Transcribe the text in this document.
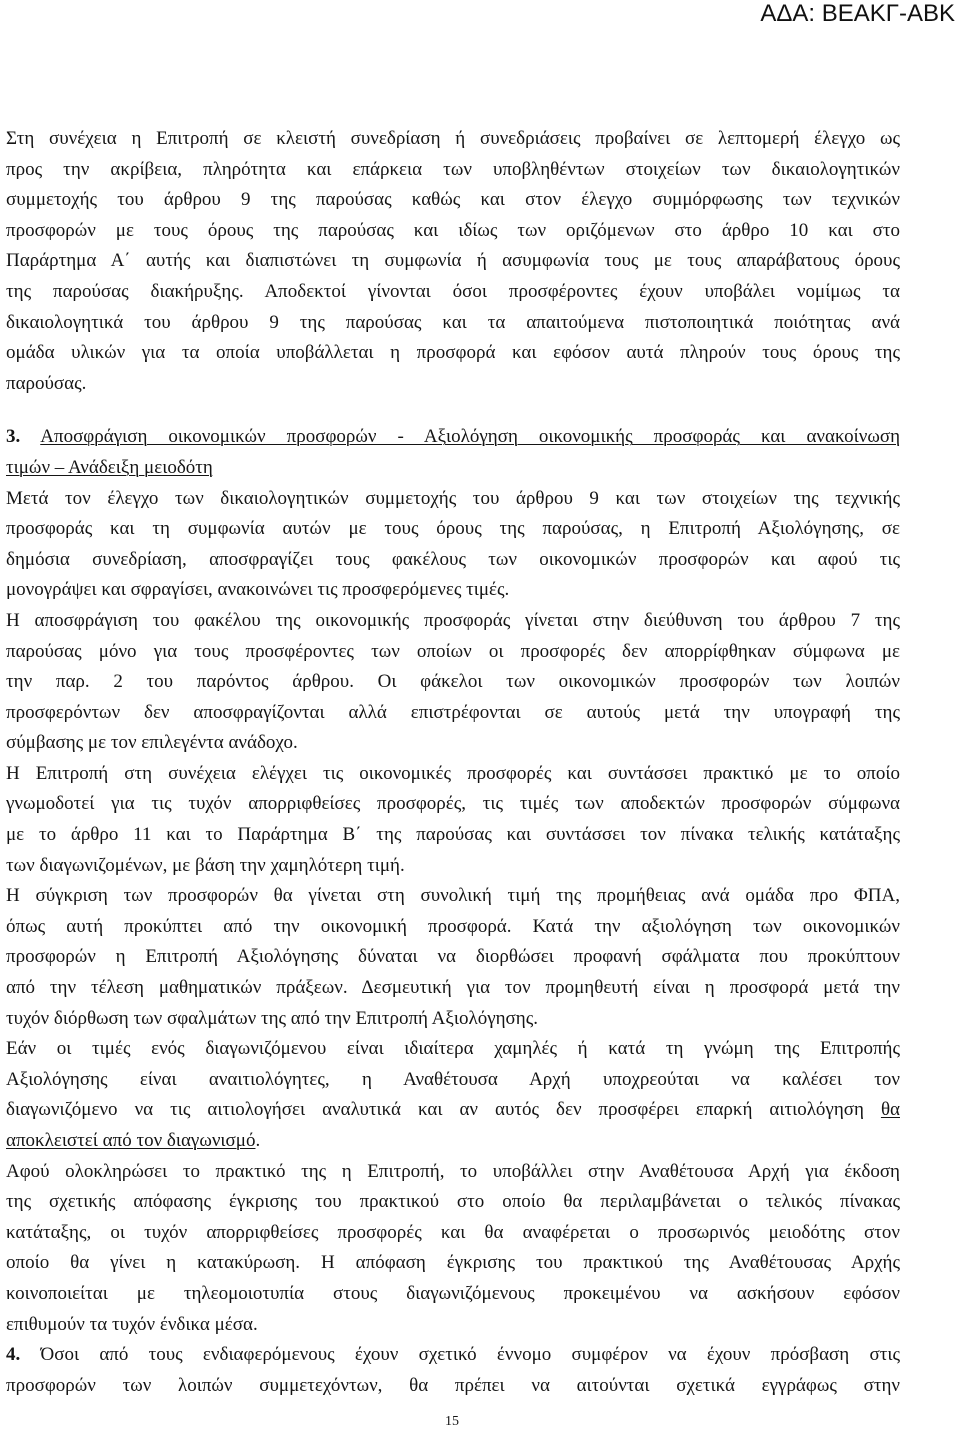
ΑΔΑ: ΒΕΑΚΓ-ΑΒΚ
Στη συνέχεια η Επιτροπή σε κλειστή συνεδρίαση ή συνεδριάσεις προβαίνει σε λεπτομερή έλεγχο ως
προς την ακρίβεια, πληρότητα και επάρκεια των υποβληθέντων στοιχείων των δικαιολογητικών
συμμετοχής του άρθρου 9 της παρούσας καθώς και στον έλεγχο συμμόρφωσης των τεχνικών
προσφορών με τους όρους της παρούσας και ιδίως των οριζόμενων στο άρθρο 10 και στο
Παράρτημα Α΄ αυτής και διαπιστώνει τη συμφωνία ή ασυμφωνία τους με τους απαράβατους όρους
της παρούσας διακήρυξης. Αποδεκτοί γίνονται όσοι προσφέροντες έχουν υποβάλει νομίμως τα
δικαιολογητικά του άρθρου 9 της παρούσας και τα απαιτούμενα πιστοποιητικά ποιότητας ανά
ομάδα υλικών για τα οποία υποβάλλεται η προσφορά και εφόσον αυτά πληρούν τους όρους της
παρούσας.
3. Αποσφράγιση οικονομικών προσφορών - Αξιολόγηση οικονομικής προσφοράς και ανακοίνωση
τιμών – Ανάδειξη μειοδότη
Μετά τον έλεγχο των δικαιολογητικών συμμετοχής του άρθρου 9 και των στοιχείων της τεχνικής
προσφοράς και τη συμφωνία αυτών με τους όρους της παρούσας, η Επιτροπή Αξιολόγησης, σε
δημόσια συνεδρίαση, αποσφραγίζει τους φακέλους των οικονομικών προσφορών και αφού τις
μονογράψει και σφραγίσει, ανακοινώνει τις προσφερόμενες τιμές.
Η αποσφράγιση του φακέλου της οικονομικής προσφοράς γίνεται στην διεύθυνση του άρθρου 7 της
παρούσας μόνο για τους προσφέροντες των οποίων οι προσφορές δεν απορρίφθηκαν σύμφωνα με
την παρ. 2 του παρόντος άρθρου. Οι φάκελοι των οικονομικών προσφορών των λοιπών
προσφερόντων δεν αποσφραγίζονται αλλά επιστρέφονται σε αυτούς μετά την υπογραφή της
σύμβασης με τον επιλεγέντα ανάδοχο.
Η Επιτροπή στη συνέχεια ελέγχει τις οικονομικές προσφορές και συντάσσει πρακτικό με το οποίο
γνωμοδοτεί για τις τυχόν απορριφθείσες προσφορές, τις τιμές των αποδεκτών προσφορών σύμφωνα
με το άρθρο 11 και το Παράρτημα Β΄ της παρούσας και συντάσσει τον πίνακα τελικής κατάταξης
των διαγωνιζομένων, με βάση την χαμηλότερη τιμή.
Η σύγκριση των προσφορών θα γίνεται στη συνολική τιμή της προμήθειας ανά ομάδα προ ΦΠΑ,
όπως αυτή προκύπτει από την οικονομική προσφορά. Κατά την αξιολόγηση των οικονομικών
προσφορών η Επιτροπή Αξιολόγησης δύναται να διορθώσει προφανή σφάλματα που προκύπτουν
από την τέλεση μαθηματικών πράξεων. Δεσμευτική για τον προμηθευτή είναι η προσφορά μετά την
τυχόν διόρθωση των σφαλμάτων της από την Επιτροπή Αξιολόγησης.
Εάν οι τιμές ενός διαγωνιζόμενου είναι ιδιαίτερα χαμηλές ή κατά τη γνώμη της Επιτροπής
Αξιολόγησης είναι αναιτιολόγητες, η Αναθέτουσα Αρχή υποχρεούται να καλέσει τον
διαγωνιζόμενο να τις αιτιολογήσει αναλυτικά και αν αυτός δεν προσφέρει επαρκή αιτιολόγηση θα
αποκλειστεί από τον διαγωνισμό.
Αφού ολοκληρώσει το πρακτικό της η Επιτροπή, το υποβάλλει στην Αναθέτουσα Αρχή για έκδοση
της σχετικής απόφασης έγκρισης του πρακτικού στο οποίο θα περιλαμβάνεται ο τελικός πίνακας
κατάταξης, οι τυχόν απορριφθείσες προσφορές και θα αναφέρεται ο προσωρινός μειοδότης στον
οποίο θα γίνει η κατακύρωση. Η απόφαση έγκρισης του πρακτικού της Αναθέτουσας Αρχής
κοινοποιείται με τηλεομοιοτυπία στους διαγωνιζόμενους προκειμένου να ασκήσουν εφόσον
επιθυμούν τα τυχόν ένδικα μέσα.
4. Όσοι από τους ενδιαφερόμενους έχουν σχετικό έννομο συμφέρον να έχουν πρόσβαση στις
προσφορών των λοιπών συμμετεχόντων, θα πρέπει να αιτούνται σχετικά εγγράφως στην
15
